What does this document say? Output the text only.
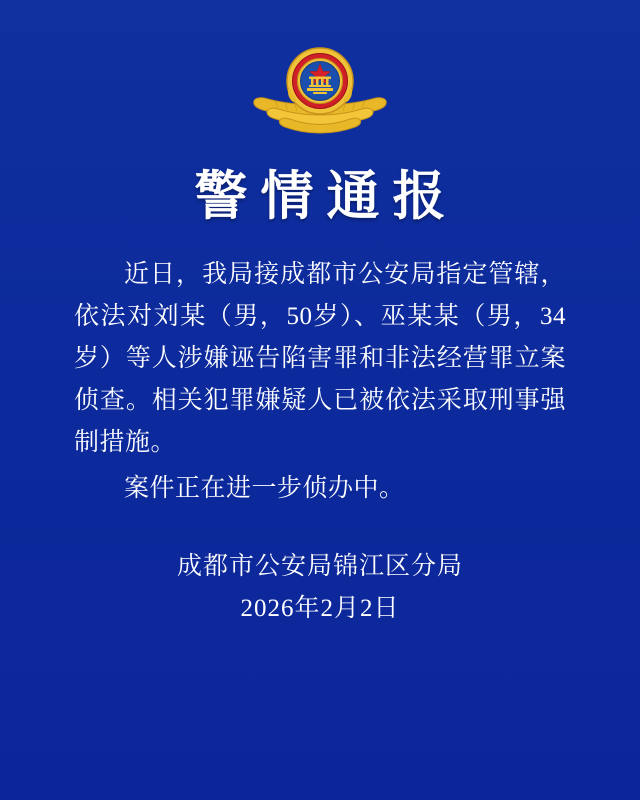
警情通报

近日，我局接成都市公安局指定管辖，依法对刘某（男，50岁）、巫某某（男，34岁）等人涉嫌诬告陷害罪和非法经营罪立案侦查。相关犯罪嫌疑人已被依法采取刑事强制措施。

案件正在进一步侦办中。

成都市公安局锦江区分局
2026年2月2日
